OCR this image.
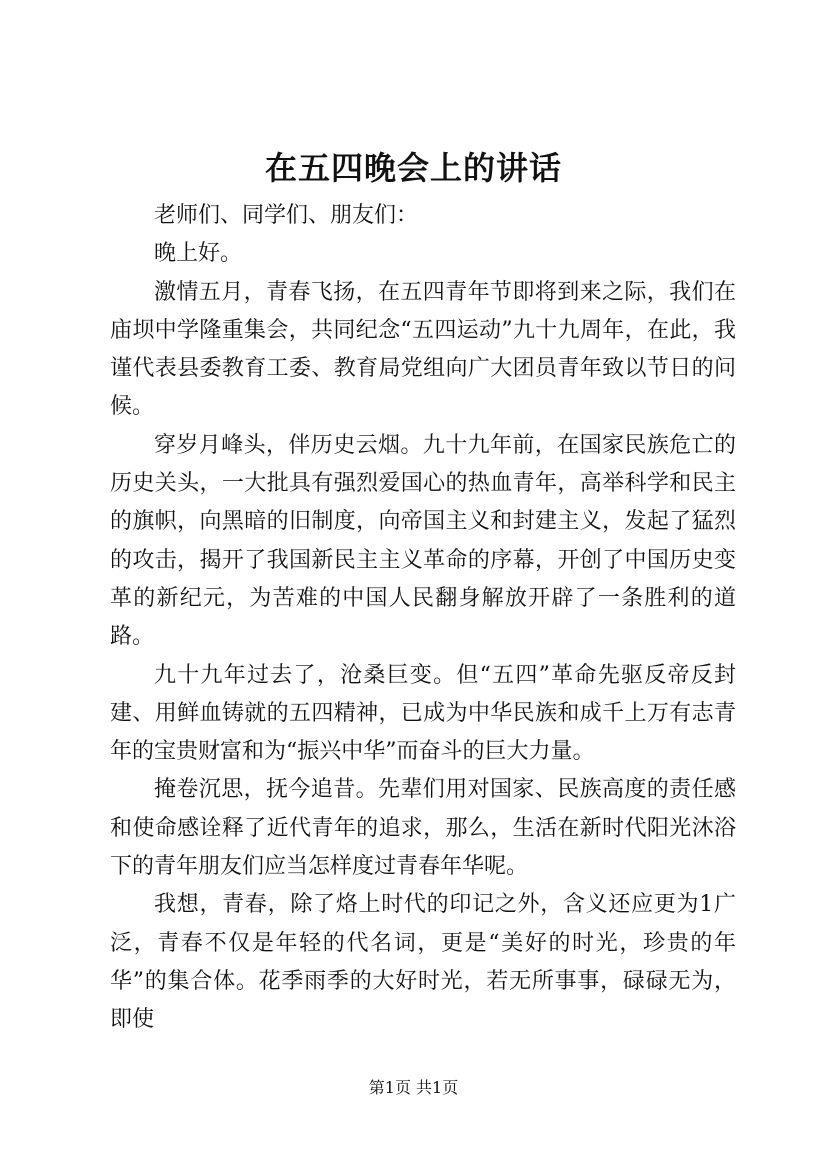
在五四晚会上的讲话

老师们、同学们、朋友们：

晚上好。

激情五月，青春飞扬，在五四青年节即将到来之际，我们在庙坝中学隆重集会，共同纪念“五四运动”九十九周年，在此，我谨代表县委教育工委、教育局党组向广大团员青年致以节日的问候。

穿岁月峰头，伴历史云烟。九十九年前，在国家民族危亡的历史关头，一大批具有强烈爱国心的热血青年，高举科学和民主的旗帜，向黑暗的旧制度，向帝国主义和封建主义，发起了猛烈的攻击，揭开了我国新民主主义革命的序幕，开创了中国历史变革的新纪元，为苦难的中国人民翻身解放开辟了一条胜利的道路。

九十九年过去了，沧桑巨变。但“五四”革命先驱反帝反封建、用鲜血铸就的五四精神，已成为中华民族和成千上万有志青年的宝贵财富和为“振兴中华”而奋斗的巨大力量。

掩卷沉思，抚今追昔。先辈们用对国家、民族高度的责任感和使命感诠释了近代青年的追求，那么，生活在新时代阳光沐浴下的青年朋友们应当怎样度过青春年华呢。

我想，青春，除了烙上时代的印记之外，含义还应更为1广泛，青春不仅是年轻的代名词，更是“美好的时光，珍贵的年华”的集合体。花季雨季的大好时光，若无所事事，碌碌无为，即使

第1页 共1页
